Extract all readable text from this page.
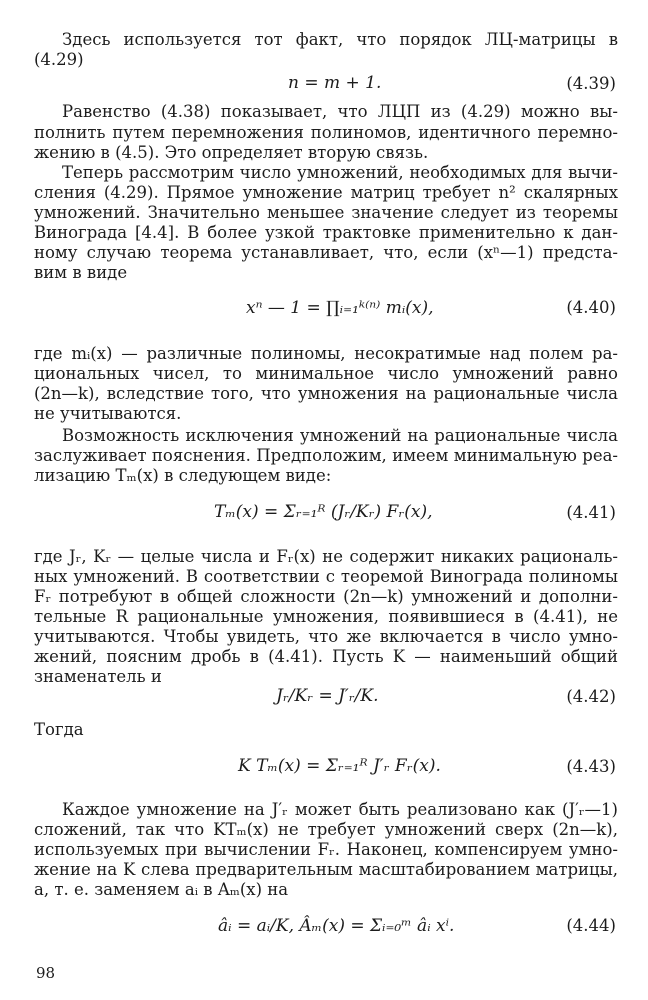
Здесь используется тот факт, что порядок ЛЦ-матрицы в
(4.29)
n = m + 1.	(4.39)
Равенство (4.38) показывает, что ЛЦП из (4.29) можно вы-
полнить путем перемножения полиномов, идентичного перемно-
жению в (4.5). Это определяет вторую связь.
Теперь рассмотрим число умножений, необходимых для вычи-
сления (4.29). Прямое умножение матриц требует n² скалярных
умножений. Значительно меньшее значение следует из теоремы
Винограда [4.4]. В более узкой трактовке применительно к дан-
ному случаю теорема устанавливает, что, если (xⁿ—1) предста-
вим в виде
xⁿ — 1 = ∏ᵢ₌₁ᵏ⁽ⁿ⁾ mᵢ(x),	(4.40)
где mᵢ(x) — различные полиномы, несократимые над полем ра-
циональных чисел, то минимальное число умножений равно
(2n—k), вследствие того, что умножения на рациональные числа
не учитываются.
Возможность исключения умножений на рациональные числа
заслуживает пояснения. Предположим, имеем минимальную реа-
лизацию Tₘ(x) в следующем виде:
Tₘ(x) = Σᵣ₌₁ᴿ (Jᵣ/Kᵣ) Fᵣ(x),	(4.41)
где Jᵣ, Kᵣ — целые числа и Fᵣ(x) не содержит никаких рациональ-
ных умножений. В соответствии с теоремой Винограда полиномы
Fᵣ потребуют в общей сложности (2n—k) умножений и дополни-
тельные R рациональные умножения, появившиеся в (4.41), не
учитываются. Чтобы увидеть, что же включается в число умно-
жений, поясним дробь в (4.41). Пусть K — наименьший общий
знаменатель и
Jᵣ/Kᵣ = J′ᵣ/K.	(4.42)
Тогда
K Tₘ(x) = Σᵣ₌₁ᴿ J′ᵣ Fᵣ(x).	(4.43)
Каждое умножение на J′ᵣ может быть реализовано как (J′ᵣ—1)
сложений, так что KTₘ(x) не требует умножений сверх (2n—k),
используемых при вычислении Fᵣ. Наконец, компенсируем умно-
жение на K слева предварительным масштабированием матрицы,
a, т. е. заменяем aᵢ в Aₘ(x) на
âᵢ = aᵢ/K, Âₘ(x) = Σᵢ₌₀ᵐ âᵢ xⁱ.	(4.44)
98
